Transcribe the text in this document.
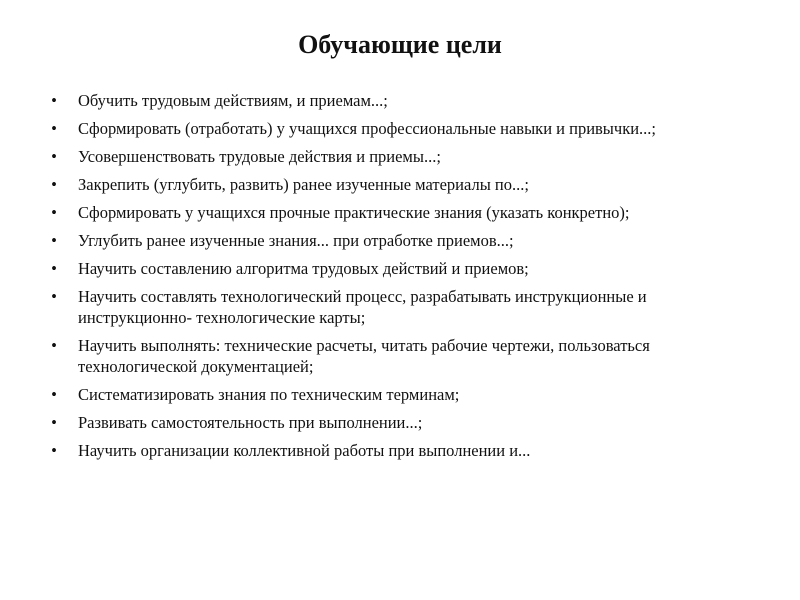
Обучающие цели
•	Обучить трудовым действиям, и приемам...;
•	Сформировать (отработать) у учащихся профессиональные навыки и привычки...;
•	Усовершенствовать трудовые действия и приемы...;
•	Закрепить (углубить, развить) ранее изученные материалы по...;
•	Сформировать у учащихся прочные практические знания (указать конкретно);
•	Углубить ранее изученные знания... при отработке приемов...;
•	Научить составлению алгоритма трудовых действий и приемов;
•	Научить составлять технологический процесс, разрабатывать инструкционные и инструкционно- технологические карты;
•	Научить выполнять: технические расчеты, читать рабочие чертежи, пользоваться технологической документацией;
•	Систематизировать знания по техническим терминам;
•	Развивать самостоятельность при выполнении...;
•	Научить организации коллективной работы при выполнении и...
